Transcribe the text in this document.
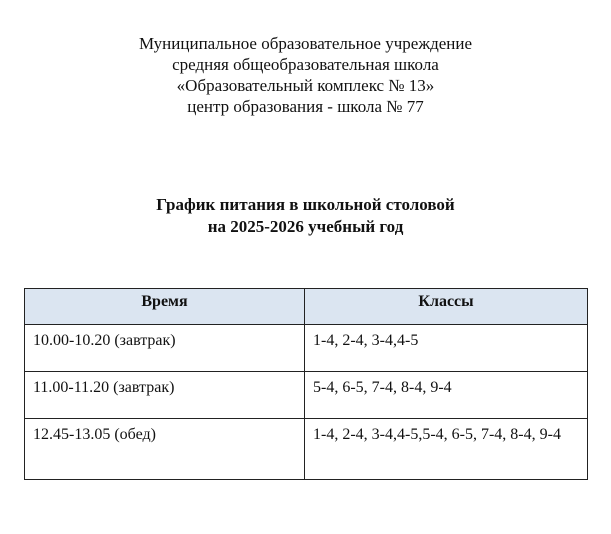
Муниципальное образовательное учреждение
средняя общеобразовательная школа
«Образовательный комплекс № 13»
центр образования - школа № 77
График питания в школьной столовой
на 2025-2026 учебный год
Время	Классы
10.00-10.20 (завтрак)	1-4, 2-4, 3-4,4-5
11.00-11.20 (завтрак)	5-4, 6-5, 7-4, 8-4, 9-4
12.45-13.05 (обед)	1-4, 2-4, 3-4,4-5,5-4, 6-5, 7-4, 8-4, 9-4
